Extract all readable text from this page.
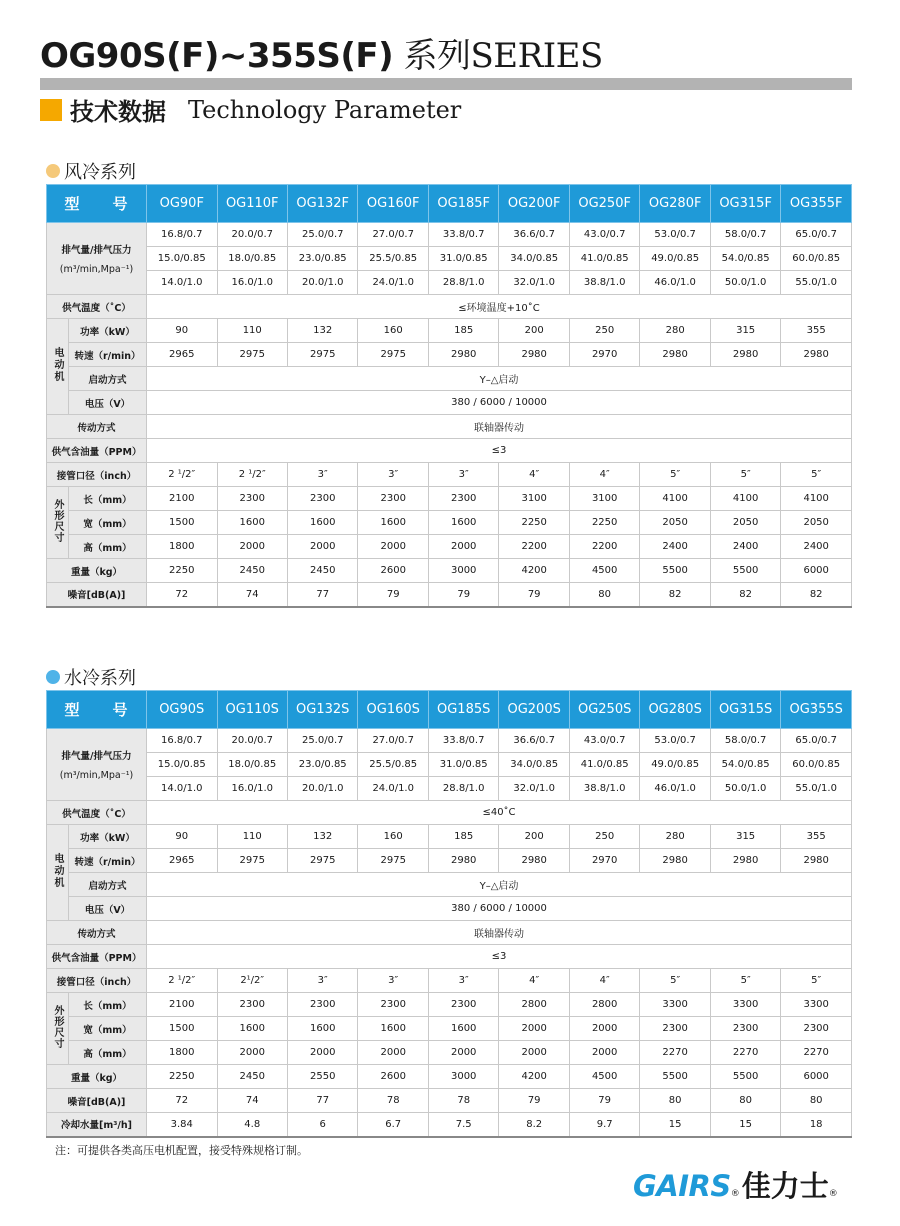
OG90S(F)~355S(F) 系列SERIES
技术数据 Technology Parameter
风冷系列
型　　号		OG90F	OG110F	OG132F	OG160F	OG185F	OG200F	OG250F	OG280F	OG315F	OG355F

排气量/排气压力
(m³/min,Mpa⁻¹)		16.8/0.7	20.0/0.7	25.0/0.7	27.0/0.7	33.8/0.7	36.6/0.7	43.0/0.7	53.0/0.7	58.0/0.7	65.0/0.7
		15.0/0.85	18.0/0.85	23.0/0.85	25.5/0.85	31.0/0.85	34.0/0.85	41.0/0.85	49.0/0.85	54.0/0.85	60.0/0.85
		14.0/1.0	16.0/1.0	20.0/1.0	24.0/1.0	28.8/1.0	32.0/1.0	38.8/1.0	46.0/1.0	50.0/1.0	55.0/1.0
供气温度（˚C）		≤环境温度+10˚C									
电动机	功率（kW）	90	110	132	160	185	200	250	280	315	355
	转速（r/min）	2965	2975	2975	2975	2980	2980	2970	2980	2980	2980
	启动方式	Y–△启动									
	电压（V）	380 / 6000 / 10000									
传动方式		联轴器传动									
供气含油量（PPM）		≤3									
接管口径（inch）		2 ¹/2″	2 ¹/2″	3″	3″	3″	4″	4″	5″	5″	5″
外形尺寸	长（mm）	2100	2300	2300	2300	2300	3100	3100	4100	4100	4100
	宽（mm）	1500	1600	1600	1600	1600	2250	2250	2050	2050	2050
	高（mm）	1800	2000	2000	2000	2000	2200	2200	2400	2400	2400
重量（kg）		2250	2450	2450	2600	3000	4200	4500	5500	5500	6000
噪音[dB(A)]		72	74	77	79	79	79	80	82	82	82
水冷系列
型　　号		OG90S	OG110S	OG132S	OG160S	OG185S	OG200S	OG250S	OG280S	OG315S	OG355S

排气量/排气压力
(m³/min,Mpa⁻¹)		16.8/0.7	20.0/0.7	25.0/0.7	27.0/0.7	33.8/0.7	36.6/0.7	43.0/0.7	53.0/0.7	58.0/0.7	65.0/0.7
		15.0/0.85	18.0/0.85	23.0/0.85	25.5/0.85	31.0/0.85	34.0/0.85	41.0/0.85	49.0/0.85	54.0/0.85	60.0/0.85
		14.0/1.0	16.0/1.0	20.0/1.0	24.0/1.0	28.8/1.0	32.0/1.0	38.8/1.0	46.0/1.0	50.0/1.0	55.0/1.0
供气温度（˚C）		≤40˚C									
电动机	功率（kW）	90	110	132	160	185	200	250	280	315	355
	转速（r/min）	2965	2975	2975	2975	2980	2980	2970	2980	2980	2980
	启动方式	Y–△启动									
	电压（V）	380 / 6000 / 10000									
传动方式		联轴器传动									
供气含油量（PPM）		≤3									
接管口径（inch）		2 ¹/2″	2¹/2″	3″	3″	3″	4″	4″	5″	5″	5″
外形尺寸	长（mm）	2100	2300	2300	2300	2300	2800	2800	3300	3300	3300
	宽（mm）	1500	1600	1600	1600	1600	2000	2000	2300	2300	2300
	高（mm）	1800	2000	2000	2000	2000	2000	2000	2270	2270	2270
重量（kg）		2250	2450	2550	2600	3000	4200	4500	5500	5500	6000
噪音[dB(A)]		72	74	77	78	78	79	79	80	80	80
冷却水量[m³/h]		3.84	4.8	6	6.7	7.5	8.2	9.7	15	15	18
注：可提供各类高压电机配置，接受特殊规格订制。
GAIRS ® 佳力士 ®
